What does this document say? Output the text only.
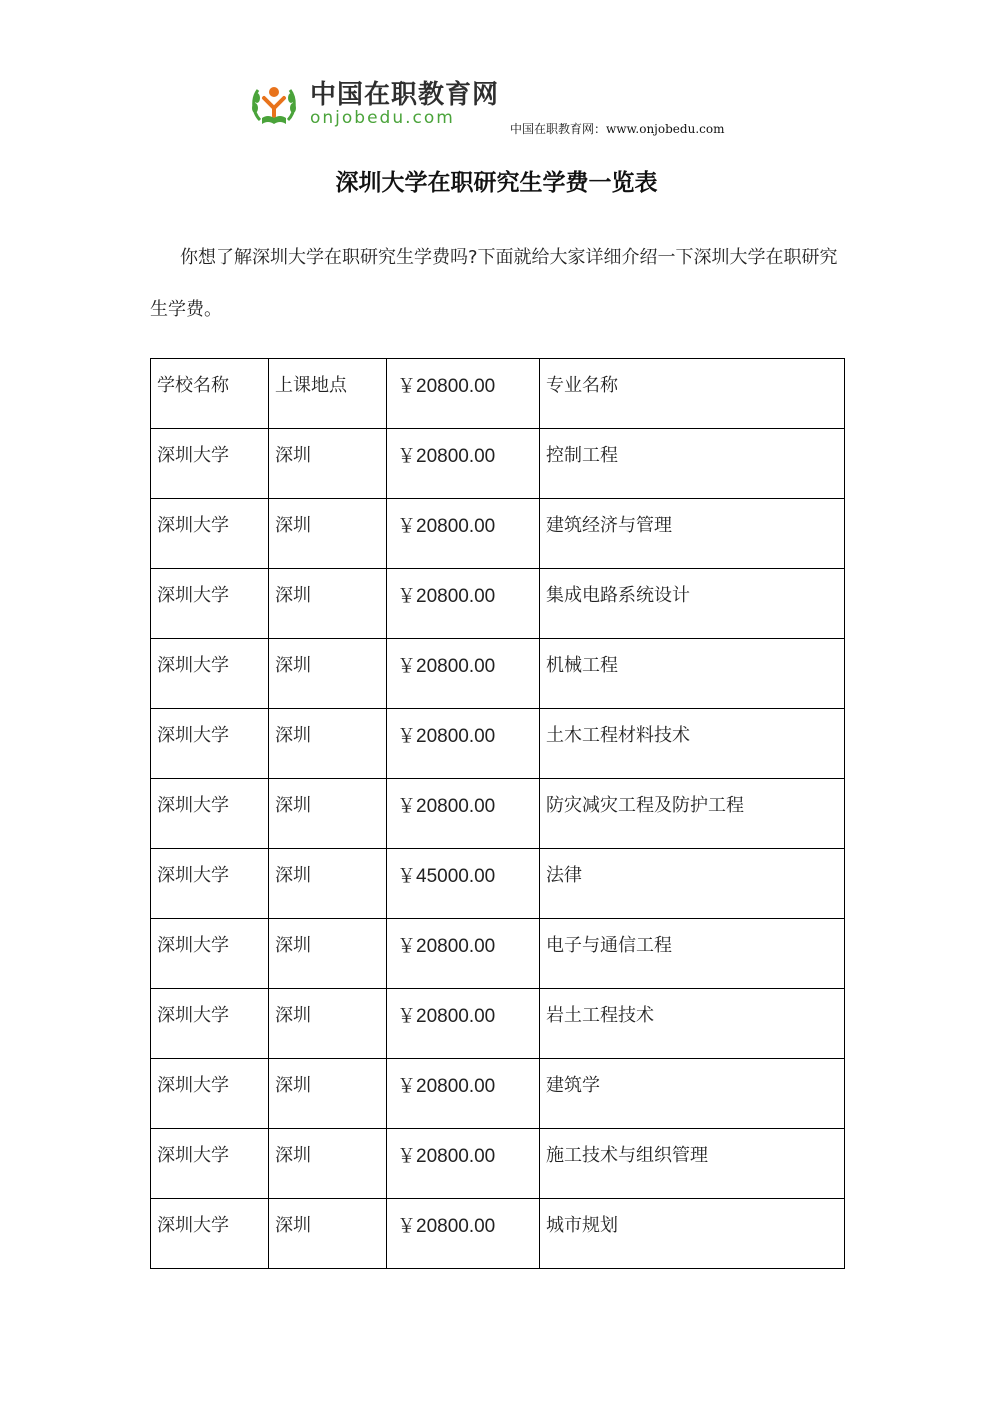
中国在职教育网
onjobedu.com
中国在职教育网：www.onjobedu.com
深圳大学在职研究生学费一览表
你想了解深圳大学在职研究生学费吗?下面就给大家详细介绍一下深圳大学在职研究生学费。
学校名称	上课地点	￥20800.00	专业名称
深圳大学	深圳	￥20800.00	控制工程
深圳大学	深圳	￥20800.00	建筑经济与管理
深圳大学	深圳	￥20800.00	集成电路系统设计
深圳大学	深圳	￥20800.00	机械工程
深圳大学	深圳	￥20800.00	土木工程材料技术
深圳大学	深圳	￥20800.00	防灾减灾工程及防护工程
深圳大学	深圳	￥45000.00	法律
深圳大学	深圳	￥20800.00	电子与通信工程
深圳大学	深圳	￥20800.00	岩土工程技术
深圳大学	深圳	￥20800.00	建筑学
深圳大学	深圳	￥20800.00	施工技术与组织管理
深圳大学	深圳	￥20800.00	城市规划
